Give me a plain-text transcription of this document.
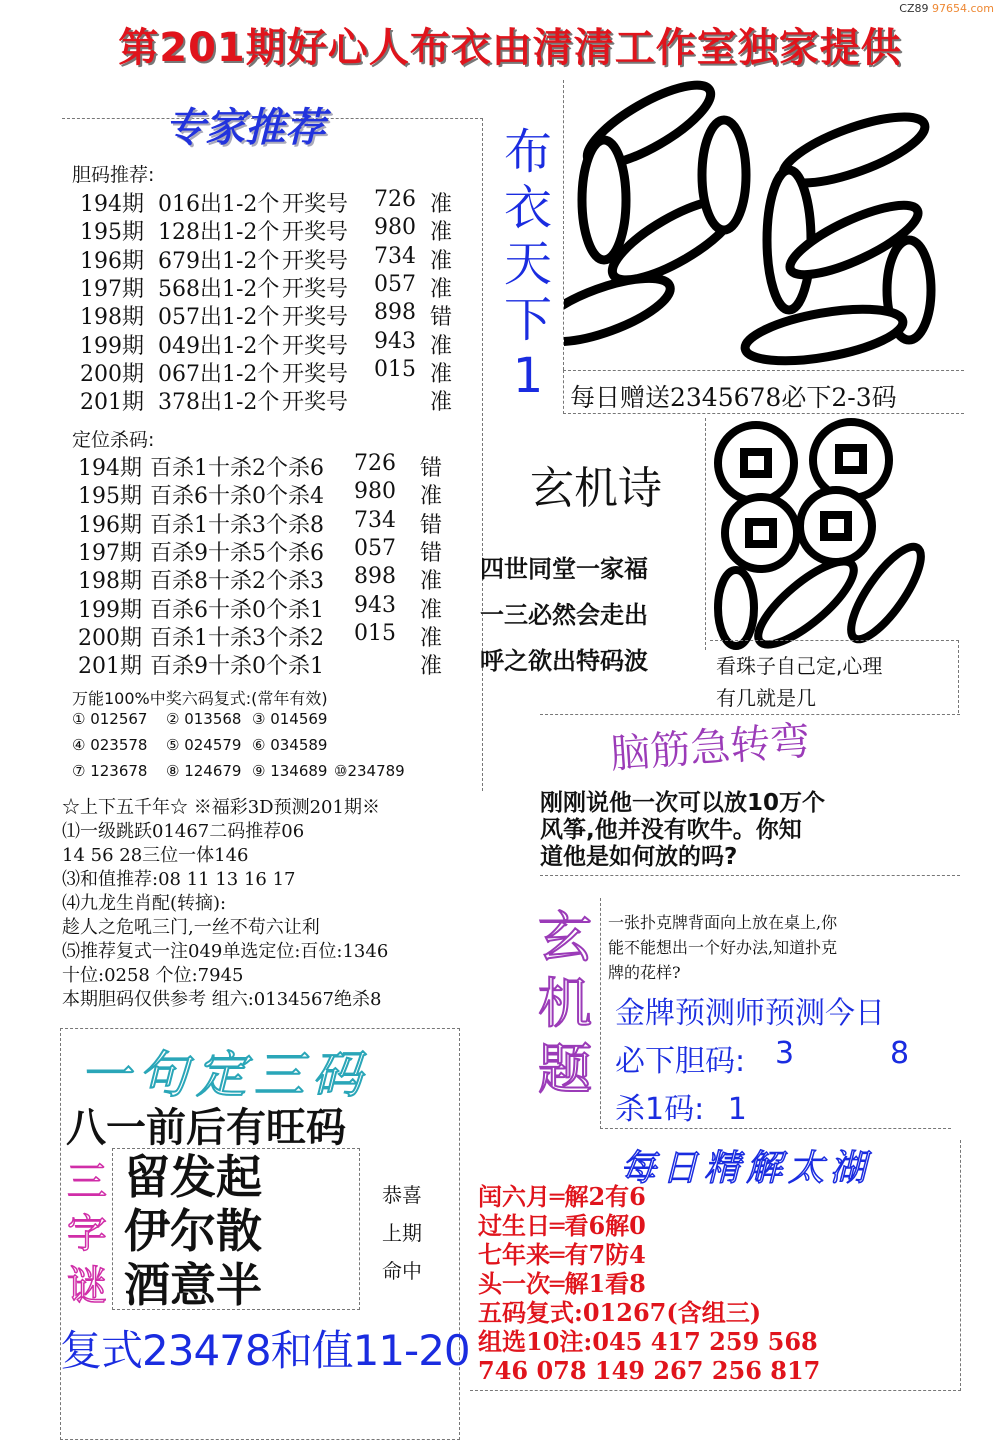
CZ89 97654.com
第201期好心人布衣由清清工作室独家提供
专家推荐
胆码推荐:
194期 016出1-2个 开奖号 726 准
195期 128出1-2个 开奖号 980 准
196期 679出1-2个 开奖号 734 准
197期 568出1-2个 开奖号 057 准
198期 057出1-2个 开奖号 898 错
199期 049出1-2个 开奖号 943 准
200期 067出1-2个 开奖号 015 准
201期 378出1-2个 开奖号	准
定位杀码:
194期 百杀1十杀2个杀6 726 错
195期 百杀6十杀0个杀4 980 准
196期 百杀1十杀3个杀8 734 错
197期 百杀9十杀5个杀6 057 错
198期 百杀8十杀2个杀3 898 准
199期 百杀6十杀0个杀1 943 准
200期 百杀1十杀3个杀2 015 准
201期 百杀9十杀0个杀1	准
万能100%中奖六码复式:(常年有效)
① 012567 ② 013568 ③ 014569
④ 023578 ⑤ 024579 ⑥ 034589
⑦ 123678 ⑧ 124679 ⑨ 134689 ⑩234789
布
衣
天
下
1	每日赠送2345678必下2-3码
玄机诗
四世同堂一家福
一三必然会走出
呼之欲出特码波	看珠子自己定,心理
有几就是几
脑筋急转弯
刚刚说他一次可以放10万个
风筝,他并没有吹牛。你知
道他是如何放的吗?
☆上下五千年☆ ※福彩3D预测201期※
⑴一级跳跃01467二码推荐06
14 56 28三位一体146
⑶和值推荐:08 11 13 16 17
⑷九龙生肖配(转摘):
趁人之危吼三门,一丝不苟六让利
⑸推荐复式一注049单选定位:百位:1346
十位:0258 个位:7945
本期胆码仅供参考 组六:0134567绝杀8
玄
机
题
一张扑克牌背面向上放在桌上,你
能不能想出一个好办法,知道扑克
牌的花样?
金牌预测师预测今日
必下胆码: 3	8
杀1码: 1
一句定三码
八一前后有旺码
三
字
谜
留发起
伊尔散
酒意半
恭喜
上期
命中
复式23478和值11-20
每日精解太湖
闰六月═解2有6
过生日═看6解0
七年来═有7防4
头一次═解1看8
五码复式:01267(含组三)
组选10注:045 417 259 568
746 078 149 267 256 817
